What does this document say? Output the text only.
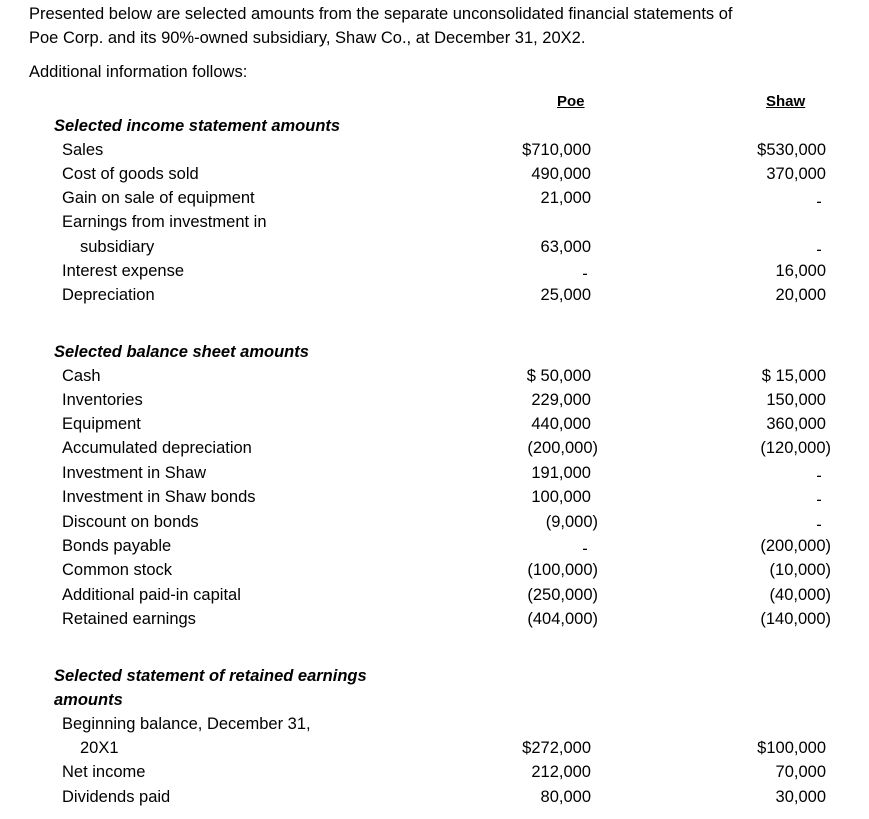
Presented below are selected amounts from the separate unconsolidated financial statements of
Poe Corp. and its 90%-owned subsidiary, Shaw Co., at December 31, 20X2.
Additional information follows:
Poe	Shaw
Selected income statement amounts
Sales	$710,000	$530,000
Cost of goods sold	490,000	370,000
Gain on sale of equipment	21,000	-
Earnings from investment in
subsidiary	63,000	-
Interest expense	-	16,000
Depreciation	25,000	20,000
Selected balance sheet amounts
Cash	$ 50,000	$ 15,000
Inventories	229,000	150,000
Equipment	440,000	360,000
Accumulated depreciation	(200,000)	(120,000)
Investment in Shaw	191,000	-
Investment in Shaw bonds	100,000	-
Discount on bonds	(9,000)	-
Bonds payable	-	(200,000)
Common stock	(100,000)	(10,000)
Additional paid-in capital	(250,000)	(40,000)
Retained earnings	(404,000)	(140,000)
Selected statement of retained earnings
amounts
Beginning balance, December 31,
20X1	$272,000	$100,000
Net income	212,000	70,000
Dividends paid	80,000	30,000
